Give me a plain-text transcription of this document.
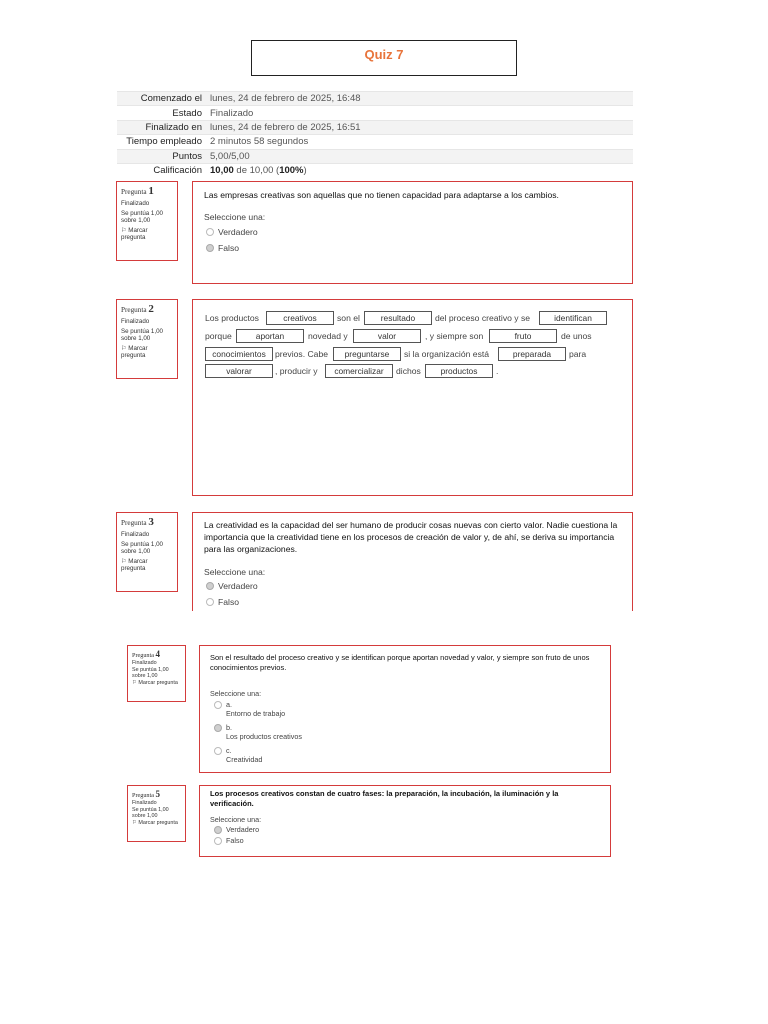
Quiz 7
Comenzado el	lunes, 24 de febrero de 2025, 16:48
Estado	Finalizado
Finalizado en	lunes, 24 de febrero de 2025, 16:51
Tiempo empleado	2 minutos 58 segundos
Puntos	5,00/5,00
Calificación	10,00 de 10,00 (100%)
Pregunta 1
Finalizado
Se puntúa 1,00 sobre 1,00
⚐ Marcar pregunta
Las empresas creativas son aquellas que no tienen capacidad para adaptarse a los cambios.
Seleccione una:
Verdadero
Falso
Pregunta 2
Finalizado
Se puntúa 1,00 sobre 1,00
⚐ Marcar pregunta
Los productos	creativos	son el	resultado	del proceso creativo y se	identifican
porque	aportan	novedad y	valor	, y siempre son	fruto	de unos
conocimientos	previos. Cabe	preguntarse	si la organización está	preparada	para
valorar	, producir y	comercializar	dichos	productos	.
Pregunta 3
Finalizado
Se puntúa 1,00 sobre 1,00
⚐ Marcar pregunta
La creatividad es la capacidad del ser humano de producir cosas nuevas con cierto valor. Nadie cuestiona la importancia que la creatividad tiene en los procesos de creación de valor y, de ahí, se deriva su importancia para las organizaciones.
Seleccione una:
Verdadero
Falso
Pregunta 4
Finalizado
Se puntúa 1,00 sobre 1,00
⚐ Marcar pregunta
Son el resultado del proceso creativo y se identifican porque aportan novedad y valor, y siempre son fruto de unos conocimientos previos.
Seleccione una:
a.
Entorno de trabajo
b.
Los productos creativos
c.
Creatividad
Pregunta 5
Finalizado
Se puntúa 1,00 sobre 1,00
⚐ Marcar pregunta
Los procesos creativos constan de cuatro fases: la preparación, la incubación, la iluminación y la verificación.
Seleccione una:
Verdadero
Falso
